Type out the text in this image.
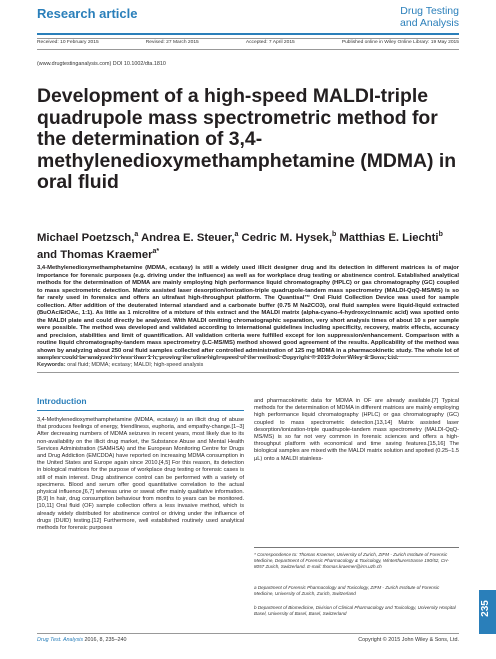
Research article	Drug Testing
and Analysis
Received: 10 February 2015	Revised: 27 March 2015	Accepted: 7 April 2015	Published online in Wiley Online Library: 19 May 2015
(www.drugtestinganalysis.com) DOI 10.1002/dta.1810
Development of a high-speed MALDI-triple quadrupole mass spectrometric method for the determination of 3,4-methylenedioxymethamphetamine (MDMA) in oral fluid

Michael Poetzsch,$^a$ Andrea E. Steuer,$^a$ Cedric M. Hysek,$^b$ Matthias E. Liechti$^b$
and Thomas Kraemer$^{a*}$

3,4-Methylenedioxymethamphetamine (MDMA, ecstasy) is still a widely used illicit designer drug and its detection in different matrices is of major importance for forensic purposes (e.g. driving under the influence) as well as for workplace drug testing or abstinence control. Established analytical methods for the determination of MDMA are mainly employing high performance liquid chromatography (HPLC) or gas chromatography (GC) coupled to mass spectrometric detection. Matrix assisted laser desorption/ionization-triple quadrupole-tandem mass spectrometry (MALDI-QqQ-MS/MS) is so far rarely used in forensics and offers an ultrafast high-throughput platform. The Quantisal™ Oral Fluid Collection Device was used for sample collection. After addition of the deuterated internal standard and a carbonate buffer (0.75 M Na2CO3), oral fluid samples were liquid-liquid extracted (BuOAc/EtOAc, 1:1). As little as 1 microlitre of a mixture of this extract and the MALDI matrix (alpha-cyano-4-hydroxycinnamic acid) was spotted onto the MALDI plate and could directly be analyzed. With MALDI omitting chromatographic separation, very short analysis times of about 10 s per sample were possible. The method was developed and validated according to international guidelines including specificity, recovery, matrix effects, accuracy and precision, stabilities and limit of quantification. All validation criteria were fulfilled except for ion suppression/enhancement. Comparison with a routine liquid chromatography-tandem mass spectrometry (LC-MS/MS) method showed good agreement of the results. Applicability of the method was shown by analyzing about 250 oral fluid samples collected after controlled administration of 125 mg MDMA in a pharmacokinetic study. The whole lot of samples could be analyzed in less than 1 h, proving the ultra-high-speed of the method. Copyright © 2015 John Wiley & Sons, Ltd.

Keywords: oral fluid; MDMA; ecstasy; MALDI; high-speed analysis
Introduction

3,4-Methylenedioxymethamphetamine (MDMA, ecstasy) is an illicit drug of abuse that produces feelings of energy, friendliness, euphoria, and empathy-change.[1–3] After decreasing numbers of MDMA seizures in recent years, most likely due to its non-availability on the illicit drug market, the Substance Abuse and Mental Health Services Administration (SAMHSA) and the European Monitoring Centre for Drugs and Drug Addiction (EMCDDA) have reported on increasing MDMA consumption in the United States and Europe again since 2010.[4,5] For this reason, its detection in biological matrices for the purpose of workplace drug testing or forensic cases is still of main interest. Drug abstinence control can be performed with a variety of specimens. Blood and serum offer good quantitative correlation to the actual physical influence,[6,7] whereas urine or sweat offer mainly qualitative information.[8,9] In hair, drug consumption behaviour from months to years can be monitored.[10,11] Oral fluid (OF) sample collection offers a less invasive method, which is already widely distributed for abstinence control or driving under the influence of drugs (DUID) testing.[12] Furthermore, well established routinely used analytical methods for forensic purposes

and pharmacokinetic data for MDMA in OF are already available.[7] Typical methods for the determination of MDMA in different matrices are mainly employing high performance liquid chromatography (HPLC) or gas chromatography (GC) coupled to mass spectrometric detection.[13,14] Matrix assisted laser desorption/ionization-triple quadrupole-tandem mass spectrometry (MALDI-QqQ-MS/MS) is so far not very common in forensic sciences and offers a high-throughput platform with economical and time saving features.[15,16] The biological samples are mixed with the MALDI matrix solution and spotted (0.25–1.5 µL) onto a MALDI stainless-

* Correspondence to: Thomas Kraemer, University of Zurich, ZIFM - Zurich Institute of Forensic Medicine, Department of Forensic Pharmacology & Toxicology, Winterthurerstrasse 190/52, CH-8057 Zurich, Switzerland. E-mail: thomas.kraemer@irm.uzh.ch

a Department of Forensic Pharmacology and Toxicology, ZIFM - Zurich Institute of Forensic Medicine, University of Zurich, Zurich, Switzerland

b Department of Biomedicine, Division of Clinical Pharmacology and Toxicology, University Hospital Basel, University of Basel, Basel, Switzerland

Drug Test. Analysis 2016, 8, 235–240	Copyright © 2015 John Wiley & Sons, Ltd.
235
